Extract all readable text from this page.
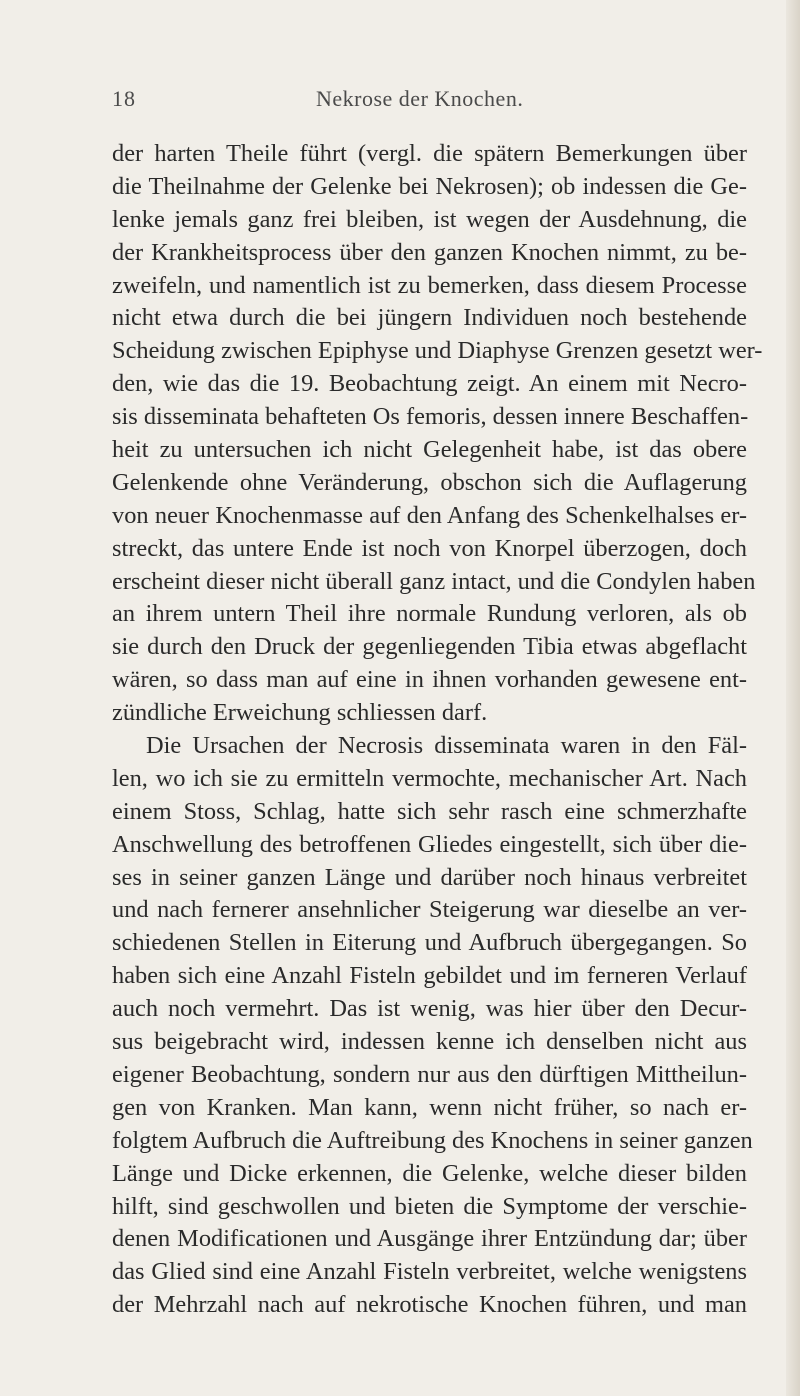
18	Nekrose der Knochen.
der harten Theile führt (vergl. die spätern Bemerkungen über
die Theilnahme der Gelenke bei Nekrosen); ob indessen die Ge-
lenke jemals ganz frei bleiben, ist wegen der Ausdehnung, die
der Krankheitsprocess über den ganzen Knochen nimmt, zu be-
zweifeln, und namentlich ist zu bemerken, dass diesem Processe
nicht etwa durch die bei jüngern Individuen noch bestehende
Scheidung zwischen Epiphyse und Diaphyse Grenzen gesetzt wer-
den, wie das die 19. Beobachtung zeigt. An einem mit Necro-
sis disseminata behafteten Os femoris, dessen innere Beschaffen-
heit zu untersuchen ich nicht Gelegenheit habe, ist das obere
Gelenkende ohne Veränderung, obschon sich die Auflagerung
von neuer Knochenmasse auf den Anfang des Schenkelhalses er-
streckt, das untere Ende ist noch von Knorpel überzogen, doch
erscheint dieser nicht überall ganz intact, und die Condylen haben
an ihrem untern Theil ihre normale Rundung verloren, als ob
sie durch den Druck der gegenliegenden Tibia etwas abgeflacht
wären, so dass man auf eine in ihnen vorhanden gewesene ent-
zündliche Erweichung schliessen darf.
Die Ursachen der Necrosis disseminata waren in den Fäl-
len, wo ich sie zu ermitteln vermochte, mechanischer Art. Nach
einem Stoss, Schlag, hatte sich sehr rasch eine schmerzhafte
Anschwellung des betroffenen Gliedes eingestellt, sich über die-
ses in seiner ganzen Länge und darüber noch hinaus verbreitet
und nach fernerer ansehnlicher Steigerung war dieselbe an ver-
schiedenen Stellen in Eiterung und Aufbruch übergegangen. So
haben sich eine Anzahl Fisteln gebildet und im ferneren Verlauf
auch noch vermehrt. Das ist wenig, was hier über den Decur-
sus beigebracht wird, indessen kenne ich denselben nicht aus
eigener Beobachtung, sondern nur aus den dürftigen Mittheilun-
gen von Kranken. Man kann, wenn nicht früher, so nach er-
folgtem Aufbruch die Auftreibung des Knochens in seiner ganzen
Länge und Dicke erkennen, die Gelenke, welche dieser bilden
hilft, sind geschwollen und bieten die Symptome der verschie-
denen Modificationen und Ausgänge ihrer Entzündung dar; über
das Glied sind eine Anzahl Fisteln verbreitet, welche wenigstens
der Mehrzahl nach auf nekrotische Knochen führen, und man
